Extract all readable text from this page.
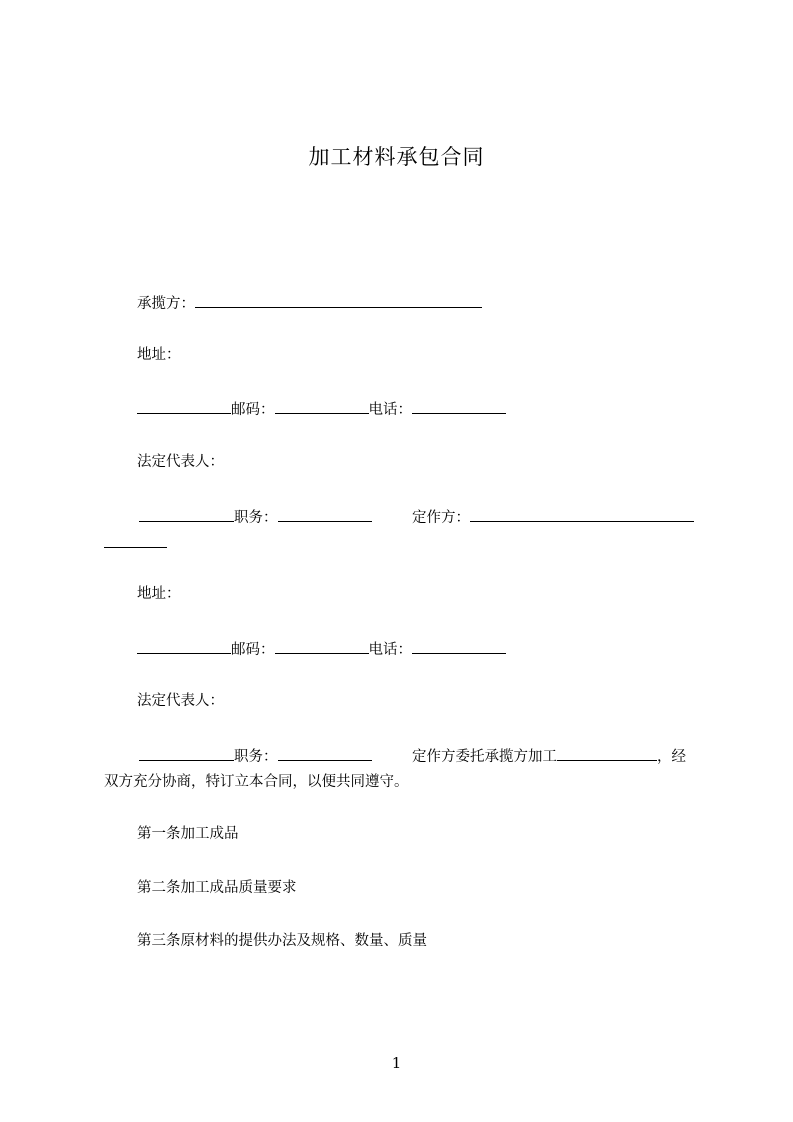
加工材料承包合同
承揽方：
地址：
邮码：	电话：
法定代表人：
职务：	定作方：
地址：
邮码：	电话：
法定代表人：
职务：	定作方委托承揽方加工	，经
双方充分协商，特订立本合同，以便共同遵守。
第一条加工成品
第二条加工成品质量要求
第三条原材料的提供办法及规格、数量、质量
1
